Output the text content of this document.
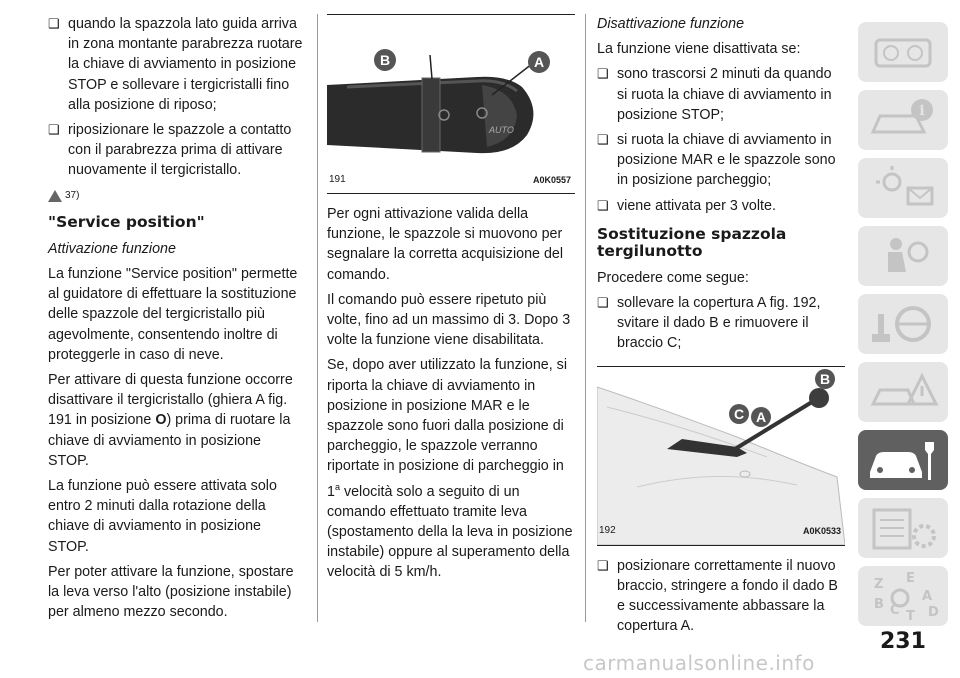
❑ quando la spazzola lato guida arriva in zona montante parabrezza ruotare la chiave di avviamento in posizione STOP e sollevare i tergicristalli fino alla posizione di riposo;
❑ riposizionare le spazzole a contatto con il parabrezza prima di attivare nuovamente il tergicristallo.
37)
"Service position"

Attivazione funzione

La funzione "Service position" permette al guidatore di effettuare la sostituzione delle spazzole del tergicristallo più agevolmente, consentendo inoltre di proteggerle in caso di neve.

Per attivare di questa funzione occorre disattivare il tergicristallo (ghiera A fig. 191 in posizione O) prima di ruotare la chiave di avviamento in posizione STOP.

La funzione può essere attivata solo entro 2 minuti dalla rotazione della chiave di avviamento in posizione STOP.

Per poter attivare la funzione, spostare la leva verso l'alto (posizione instabile) per almeno mezzo secondo.

AUTO
B	A
191	A0K0557

Per ogni attivazione valida della funzione, le spazzole si muovono per segnalare la corretta acquisizione del comando.

Il comando può essere ripetuto più volte, fino ad un massimo di 3. Dopo 3 volte la funzione viene disabilitata.

Se, dopo aver utilizzato la funzione, si riporta la chiave di avviamento in posizione in posizione MAR e le spazzole sono fuori dalla posizione di parcheggio, le spazzole verranno riportate in posizione di parcheggio in 1$^a$ velocità solo a seguito di un comando effettuato tramite leva (spostamento della la leva in posizione instabile) oppure al superamento della velocità di 5 km/h.

Disattivazione funzione

La funzione viene disattivata se:

❑ sono trascorsi 2 minuti da quando si ruota la chiave di avviamento in posizione STOP;
❑ si ruota la chiave di avviamento in posizione MAR e le spazzole sono in posizione parcheggio;
❑ viene attivata per 3 volte.
Sostituzione spazzola tergilunotto

Procedere come segue:

❑ sollevare la copertura A fig. 192, svitare il dado B e rimuovere il braccio C;
B
C A
192	A0K0533
❑ posizionare correttamente il nuovo braccio, stringere a fondo il dado B e successivamente abbassare la copertura A.
i
Z E
A
B C T D
231
carmanualsonline.info
